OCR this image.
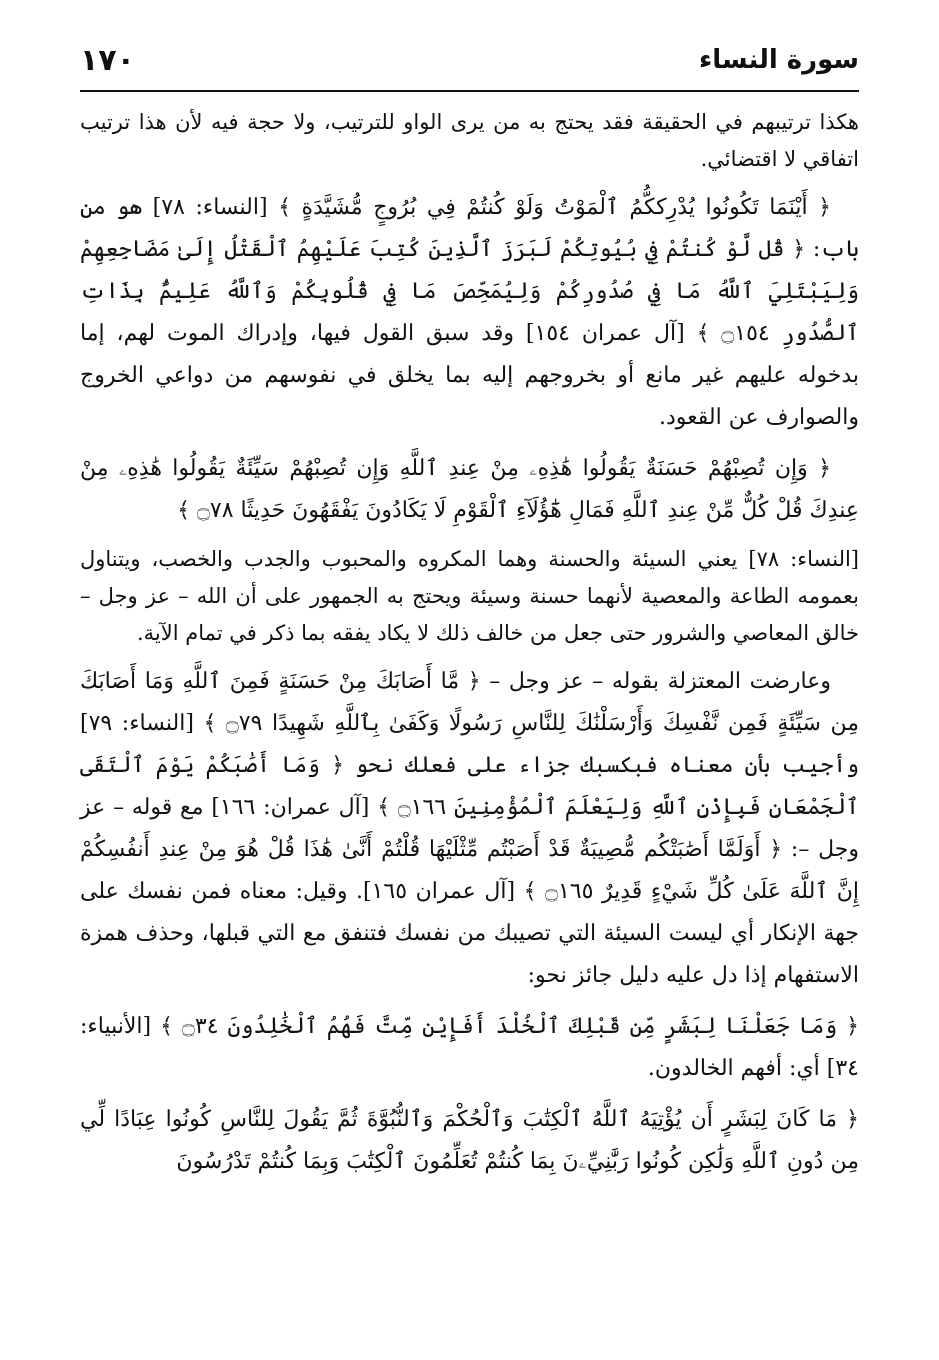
١٧٠	سورة النساء

هكذا ترتيبهم في الحقيقة فقد يحتج به من يرى الواو للترتيب، ولا حجة فيه لأن هذا ترتيب اتفاقي لا اقتضائي.

﴿ أَيْنَمَا تَكُونُوا يُدْرِككُّمُ ٱلْمَوْتُ وَلَوْ كُنتُمْ فِي بُرُوجٍ مُّشَيَّدَةٍ ﴾ [النساء: ٧٨] هو من باب: ﴿ قُل لَّوْ كُنتُمْ فِي بُيُوتِكُمْ لَبَرَزَ ٱلَّذِينَ كُتِبَ عَلَيْهِمُ ٱلْقَتْلُ إِلَىٰ مَضَاجِعِهِمْ وَلِيَبْتَلِيَ ٱللَّهُ مَا فِي صُدُورِكُمْ وَلِيُمَحِّصَ مَا فِي قُلُوبِكُمْ وَٱللَّهُ عَلِيمٌۢ بِذَاتِ ٱلصُّدُورِ ۝١٥٤ ﴾ [آل عمران ١٥٤] وقد سبق القول فيها، وإدراك الموت لهم، إما بدخوله عليهم غير مانع أو بخروجهم إليه بما يخلق في نفوسهم من دواعي الخروج والصوارف عن القعود.

﴿ وَإِن تُصِبْهُمْ حَسَنَةٌ يَقُولُوا هَٰذِهِۦ مِنْ عِندِ ٱللَّهِ وَإِن تُصِبْهُمْ سَيِّئَةٌ يَقُولُوا هَٰذِهِۦ مِنْ عِندِكَ قُلْ كُلٌّ مِّنْ عِندِ ٱللَّهِ فَمَالِ هَٰٓؤُلَآءِ ٱلْقَوْمِ لَا يَكَادُونَ يَفْقَهُونَ حَدِيثًا ۝٧٨ ﴾

[النساء: ٧٨] يعني السيئة والحسنة وهما المكروه والمحبوب والجدب والخصب، ويتناول بعمومه الطاعة والمعصية لأنهما حسنة وسيئة ويحتج به الجمهور على أن الله – عز وجل – خالق المعاصي والشرور حتى جعل من خالف ذلك لا يكاد يفقه بما ذكر في تمام الآية.

وعارضت المعتزلة بقوله – عز وجل – ﴿ مَّا أَصَابَكَ مِنْ حَسَنَةٍ فَمِنَ ٱللَّهِ وَمَا أَصَابَكَ مِن سَيِّئَةٍ فَمِن نَّفْسِكَ وَأَرْسَلْنَٰكَ لِلنَّاسِ رَسُولًا وَكَفَىٰ بِٱللَّهِ شَهِيدًا ۝٧٩ ﴾ [النساء: ٧٩] وأجيب بأن معناه فبكسبك جزاء على فعلك نحو ﴿ وَمَا أَصَٰبَكُمْ يَوْمَ ٱلْتَقَى ٱلْجَمْعَانِ فَبِإِذْنِ ٱللَّهِ وَلِيَعْلَمَ ٱلْمُؤْمِنِينَ ۝١٦٦ ﴾ [آل عمران: ١٦٦] مع قوله – عز وجل –: ﴿ أَوَلَمَّا أَصَٰبَتْكُم مُّصِيبَةٌ قَدْ أَصَبْتُم مِّثْلَيْهَا قُلْتُمْ أَنَّىٰ هَٰذَا قُلْ هُوَ مِنْ عِندِ أَنفُسِكُمْ إِنَّ ٱللَّهَ عَلَىٰ كُلِّ شَيْءٍ قَدِيرٌ ۝١٦٥ ﴾ [آل عمران ١٦٥]. وقيل: معناه فمن نفسك على جهة الإنكار أي ليست السيئة التي تصيبك من نفسك فتنفق مع التي قبلها، وحذف همزة الاستفهام إذا دل عليه دليل جائز نحو:

﴿ وَمَا جَعَلْنَا لِبَشَرٍ مِّن قَبْلِكَ ٱلْخُلْدَ أَفَإِيْن مِّتَّ فَهُمُ ٱلْخَٰلِدُونَ ۝٣٤ ﴾ [الأنبياء: ٣٤] أي: أفهم الخالدون.

﴿ مَا كَانَ لِبَشَرٍ أَن يُؤْتِيَهُ ٱللَّهُ ٱلْكِتَٰبَ وَٱلْحُكْمَ وَٱلنُّبُوَّةَ ثُمَّ يَقُولَ لِلنَّاسِ كُونُوا عِبَادًا لِّي مِن دُونِ ٱللَّهِ وَلَٰكِن كُونُوا رَبَّٰنِيِّۦنَ بِمَا كُنتُمْ تُعَلِّمُونَ ٱلْكِتَٰبَ وَبِمَا كُنتُمْ تَدْرُسُونَ
